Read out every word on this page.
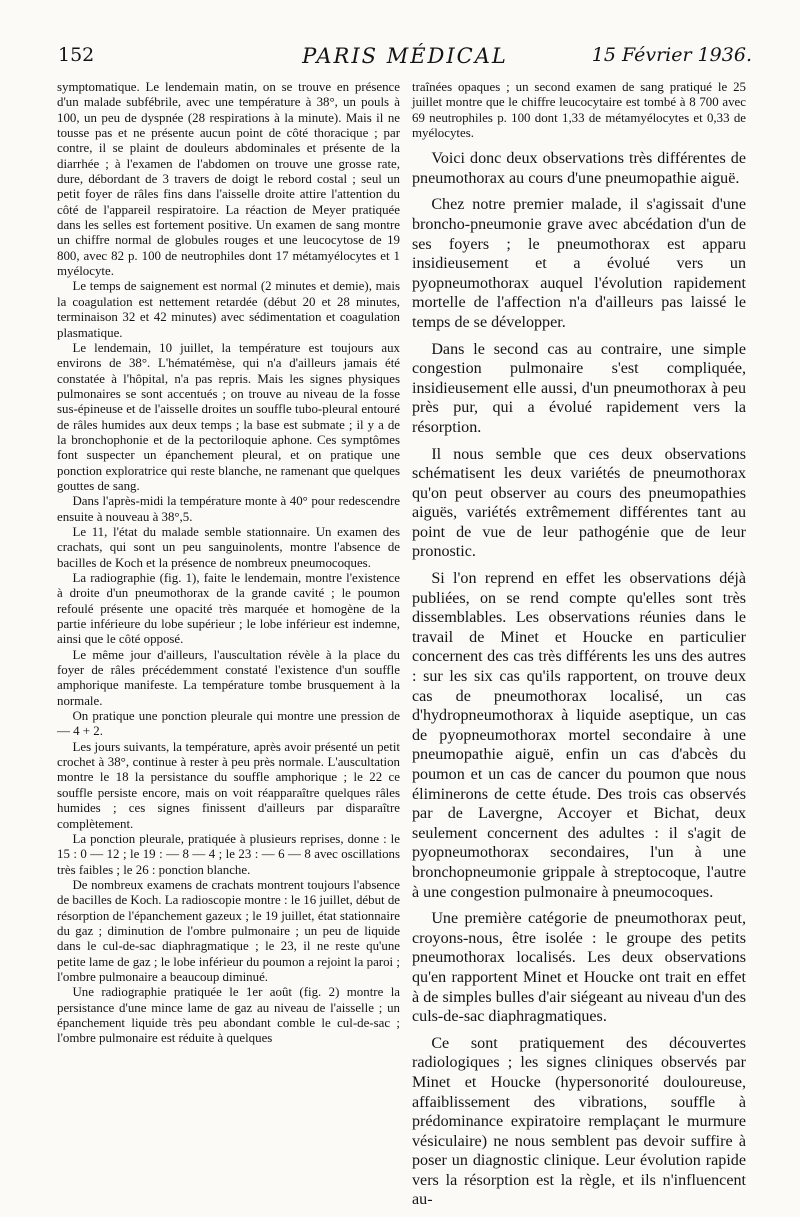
152	PARIS MÉDICAL	15 Février 1936.

symptomatique. Le lendemain matin, on se trouve en présence d'un malade subfébrile, avec une température à 38°, un pouls à 100, un peu de dyspnée (28 respirations à la minute). Mais il ne tousse pas et ne présente aucun point de côté thoracique ; par contre, il se plaint de douleurs abdominales et présente de la diarrhée ; à l'examen de l'abdomen on trouve une grosse rate, dure, débordant de 3 travers de doigt le rebord costal ; seul un petit foyer de râles fins dans l'aisselle droite attire l'attention du côté de l'appareil respiratoire. La réaction de Meyer pratiquée dans les selles est fortement positive. Un examen de sang montre un chiffre normal de globules rouges et une leucocytose de 19 800, avec 82 p. 100 de neutrophiles dont 17 métamyélocytes et 1 myélocyte.

Le temps de saignement est normal (2 minutes et demie), mais la coagulation est nettement retardée (début 20 et 28 minutes, terminaison 32 et 42 minutes) avec sédimentation et coagulation plasmatique.

Le lendemain, 10 juillet, la température est toujours aux environs de 38°. L'hématémèse, qui n'a d'ailleurs jamais été constatée à l'hôpital, n'a pas repris. Mais les signes physiques pulmonaires se sont accentués ; on trouve au niveau de la fosse sus-épineuse et de l'aisselle droites un souffle tubo-pleural entouré de râles humides aux deux temps ; la base est submate ; il y a de la bronchophonie et de la pectoriloquie aphone. Ces symptômes font suspecter un épanchement pleural, et on pratique une ponction exploratrice qui reste blanche, ne ramenant que quelques gouttes de sang.

Dans l'après-midi la température monte à 40° pour redescendre ensuite à nouveau à 38°,5.

Le 11, l'état du malade semble stationnaire. Un examen des crachats, qui sont un peu sanguinolents, montre l'absence de bacilles de Koch et la présence de nombreux pneumocoques.

La radiographie (fig. 1), faite le lendemain, montre l'existence à droite d'un pneumothorax de la grande cavité ; le poumon refoulé présente une opacité très marquée et homogène de la partie inférieure du lobe supérieur ; le lobe inférieur est indemne, ainsi que le côté opposé.

Le même jour d'ailleurs, l'auscultation révèle à la place du foyer de râles précédemment constaté l'existence d'un souffle amphorique manifeste. La température tombe brusquement à la normale.

On pratique une ponction pleurale qui montre une pression de — 4 + 2.

Les jours suivants, la température, après avoir présenté un petit crochet à 38°, continue à rester à peu près normale. L'auscultation montre le 18 la persistance du souffle amphorique ; le 22 ce souffle persiste encore, mais on voit réapparaître quelques râles humides ; ces signes finissent d'ailleurs par disparaître complètement.

La ponction pleurale, pratiquée à plusieurs reprises, donne : le 15 : 0 — 12 ; le 19 : — 8 — 4 ; le 23 : — 6 — 8 avec oscillations très faibles ; le 26 : ponction blanche.

De nombreux examens de crachats montrent toujours l'absence de bacilles de Koch. La radioscopie montre : le 16 juillet, début de résorption de l'épanchement gazeux ; le 19 juillet, état stationnaire du gaz ; diminution de l'ombre pulmonaire ; un peu de liquide dans le cul-de-sac diaphragmatique ; le 23, il ne reste qu'une petite lame de gaz ; le lobe inférieur du poumon a rejoint la paroi ; l'ombre pulmonaire a beaucoup diminué.

Une radiographie pratiquée le 1er août (fig. 2) montre la persistance d'une mince lame de gaz au niveau de l'aisselle ; un épanchement liquide très peu abondant comble le cul-de-sac ; l'ombre pulmonaire est réduite à quelques

traînées opaques ; un second examen de sang pratiqué le 25 juillet montre que le chiffre leucocytaire est tombé à 8 700 avec 69 neutrophiles p. 100 dont 1,33 de métamyélocytes et 0,33 de myélocytes.

Voici donc deux observations très différentes de pneumothorax au cours d'une pneumopathie aiguë.

Chez notre premier malade, il s'agissait d'une broncho-pneumonie grave avec abcédation d'un de ses foyers ; le pneumothorax est apparu insidieusement et a évolué vers un pyopneumothorax auquel l'évolution rapidement mortelle de l'affection n'a d'ailleurs pas laissé le temps de se développer.

Dans le second cas au contraire, une simple congestion pulmonaire s'est compliquée, insidieusement elle aussi, d'un pneumothorax à peu près pur, qui a évolué rapidement vers la résorption.

Il nous semble que ces deux observations schématisent les deux variétés de pneumothorax qu'on peut observer au cours des pneumopathies aiguës, variétés extrêmement différentes tant au point de vue de leur pathogénie que de leur pronostic.

Si l'on reprend en effet les observations déjà publiées, on se rend compte qu'elles sont très dissemblables. Les observations réunies dans le travail de Minet et Houcke en particulier concernent des cas très différents les uns des autres : sur les six cas qu'ils rapportent, on trouve deux cas de pneumothorax localisé, un cas d'hydropneumothorax à liquide aseptique, un cas de pyopneumothorax mortel secondaire à une pneumopathie aiguë, enfin un cas d'abcès du poumon et un cas de cancer du poumon que nous éliminerons de cette étude. Des trois cas observés par de Lavergne, Accoyer et Bichat, deux seulement concernent des adultes : il s'agit de pyopneumothorax secondaires, l'un à une bronchopneumonie grippale à streptocoque, l'autre à une congestion pulmonaire à pneumocoques.

Une première catégorie de pneumothorax peut, croyons-nous, être isolée : le groupe des petits pneumothorax localisés. Les deux observations qu'en rapportent Minet et Houcke ont trait en effet à de simples bulles d'air siégeant au niveau d'un des culs-de-sac diaphragmatiques.

Ce sont pratiquement des découvertes radiologiques ; les signes cliniques observés par Minet et Houcke (hypersonorité douloureuse, affaiblissement des vibrations, souffle à prédominance expiratoire remplaçant le murmure vésiculaire) ne nous semblent pas devoir suffire à poser un diagnostic clinique. Leur évolution rapide vers la résorption est la règle, et ils n'influencent au-
